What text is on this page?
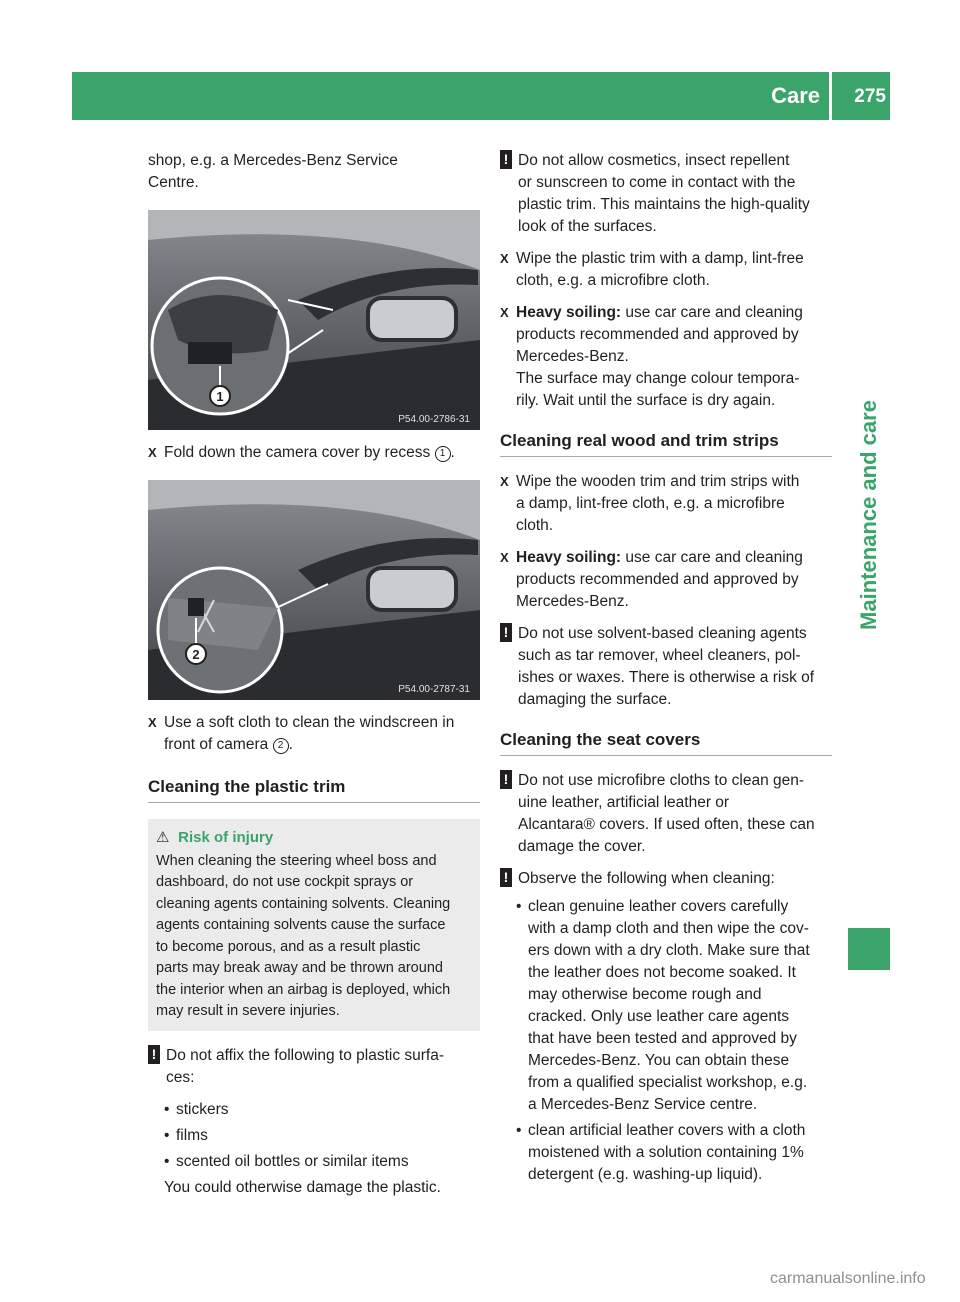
Care 275
Maintenance and care

shop, e.g. a Mercedes-Benz Service

Centre.

1
P54.00-2786-31
X Fold down the camera cover by recess 1 .
2
P54.00-2787-31
X Use a soft cloth to clean the windscreen in

front of camera 2 .

Cleaning the plastic trim
⚠ Risk of injury

When cleaning the steering wheel boss and

dashboard, do not use cockpit sprays or

cleaning agents containing solvents. Cleaning

agents containing solvents cause the surface

to become porous, and as a result plastic

parts may break away and be thrown around

the interior when an airbag is deployed, which

may result in severe injuries.

! Do not affix the following to plastic surfa-

ces:

• stickers
• films
• scented oil bottles or similar items

You could otherwise damage the plastic.

! Do not allow cosmetics, insect repellent

or sunscreen to come in contact with the

plastic trim. This maintains the high-quality

look of the surfaces.

X Wipe the plastic trim with a damp, lint-free

cloth, e.g. a microfibre cloth.

X Heavy soiling: use car care and cleaning

products recommended and approved by

Mercedes-Benz.

The surface may change colour tempora-

rily. Wait until the surface is dry again.

Cleaning real wood and trim strips
X Wipe the wooden trim and trim strips with

a damp, lint-free cloth, e.g. a microfibre

cloth.

X Heavy soiling: use car care and cleaning

products recommended and approved by

Mercedes-Benz.

! Do not use solvent-based cleaning agents

such as tar remover, wheel cleaners, pol-

ishes or waxes. There is otherwise a risk of

damaging the surface.

Cleaning the seat covers
! Do not use microfibre cloths to clean gen-

uine leather, artificial leather or

Alcantara® covers. If used often, these can

damage the cover.

! Observe the following when cleaning:

• clean genuine leather covers carefully

with a damp cloth and then wipe the cov-

ers down with a dry cloth. Make sure that

the leather does not become soaked. It

may otherwise become rough and

cracked. Only use leather care agents

that have been tested and approved by

Mercedes-Benz. You can obtain these

from a qualified specialist workshop, e.g.

a Mercedes-Benz Service centre.

• clean artificial leather covers with a cloth

moistened with a solution containing 1%

detergent (e.g. washing-up liquid).

carmanualsonline.info
